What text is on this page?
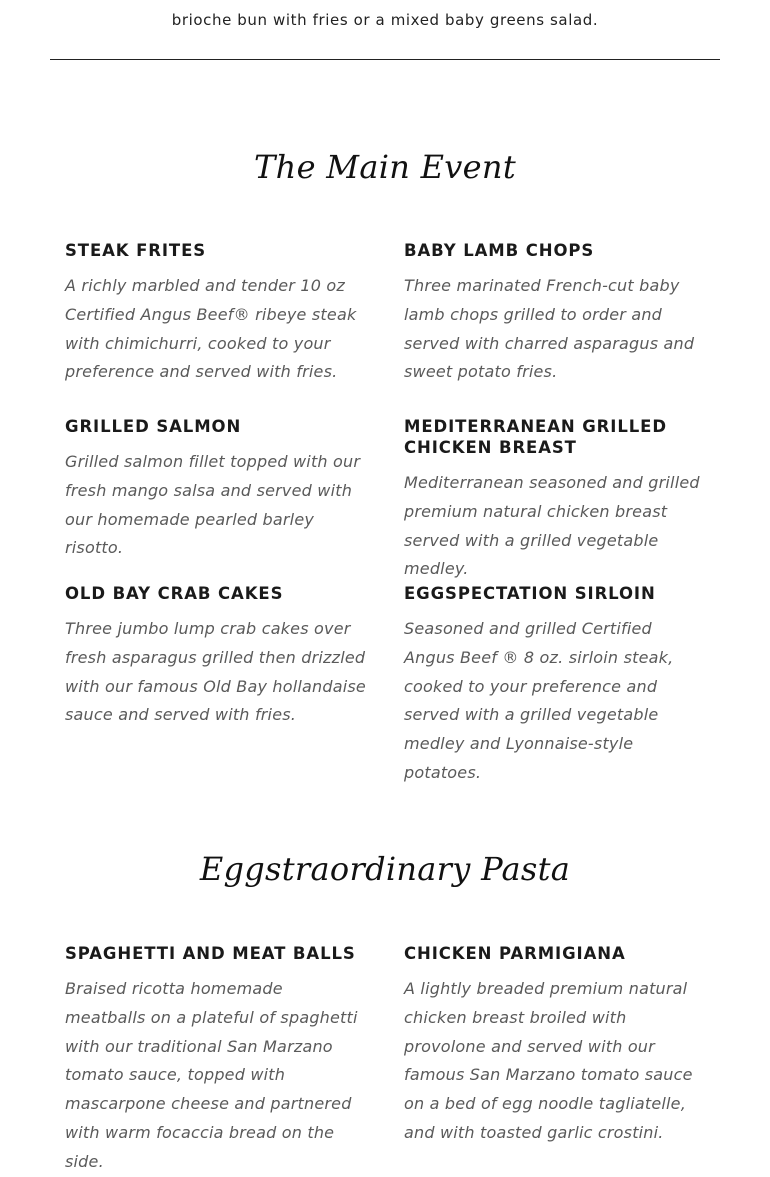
brioche bun with fries or a mixed baby greens salad.
The Main Event
STEAK FRITES

A richly marbled and tender 10 oz Certified Angus Beef® ribeye steak with chimichurri, cooked to your preference and served with fries.

BABY LAMB CHOPS

Three marinated French-cut baby lamb chops grilled to order and served with charred asparagus and sweet potato fries.

GRILLED SALMON

Grilled salmon fillet topped with our fresh mango salsa and served with our homemade pearled barley risotto.

MEDITERRANEAN GRILLED CHICKEN BREAST

Mediterranean seasoned and grilled premium natural chicken breast served with a grilled vegetable medley.

OLD BAY CRAB CAKES

Three jumbo lump crab cakes over fresh asparagus grilled then drizzled with our famous Old Bay hollandaise sauce and served with fries.

EGGSPECTATION SIRLOIN

Seasoned and grilled Certified Angus Beef ® 8 oz. sirloin steak, cooked to your preference and served with a grilled vegetable medley and Lyonnaise-style potatoes.

Eggstraordinary Pasta
SPAGHETTI AND MEAT BALLS

Braised ricotta homemade meatballs on a plateful of spaghetti with our traditional San Marzano tomato sauce, topped with mascarpone cheese and partnered with warm focaccia bread on the side.

CHICKEN PARMIGIANA

A lightly breaded premium natural chicken breast broiled with provolone and served with our famous San Marzano tomato sauce on a bed of egg noodle tagliatelle, and with toasted garlic crostini.
